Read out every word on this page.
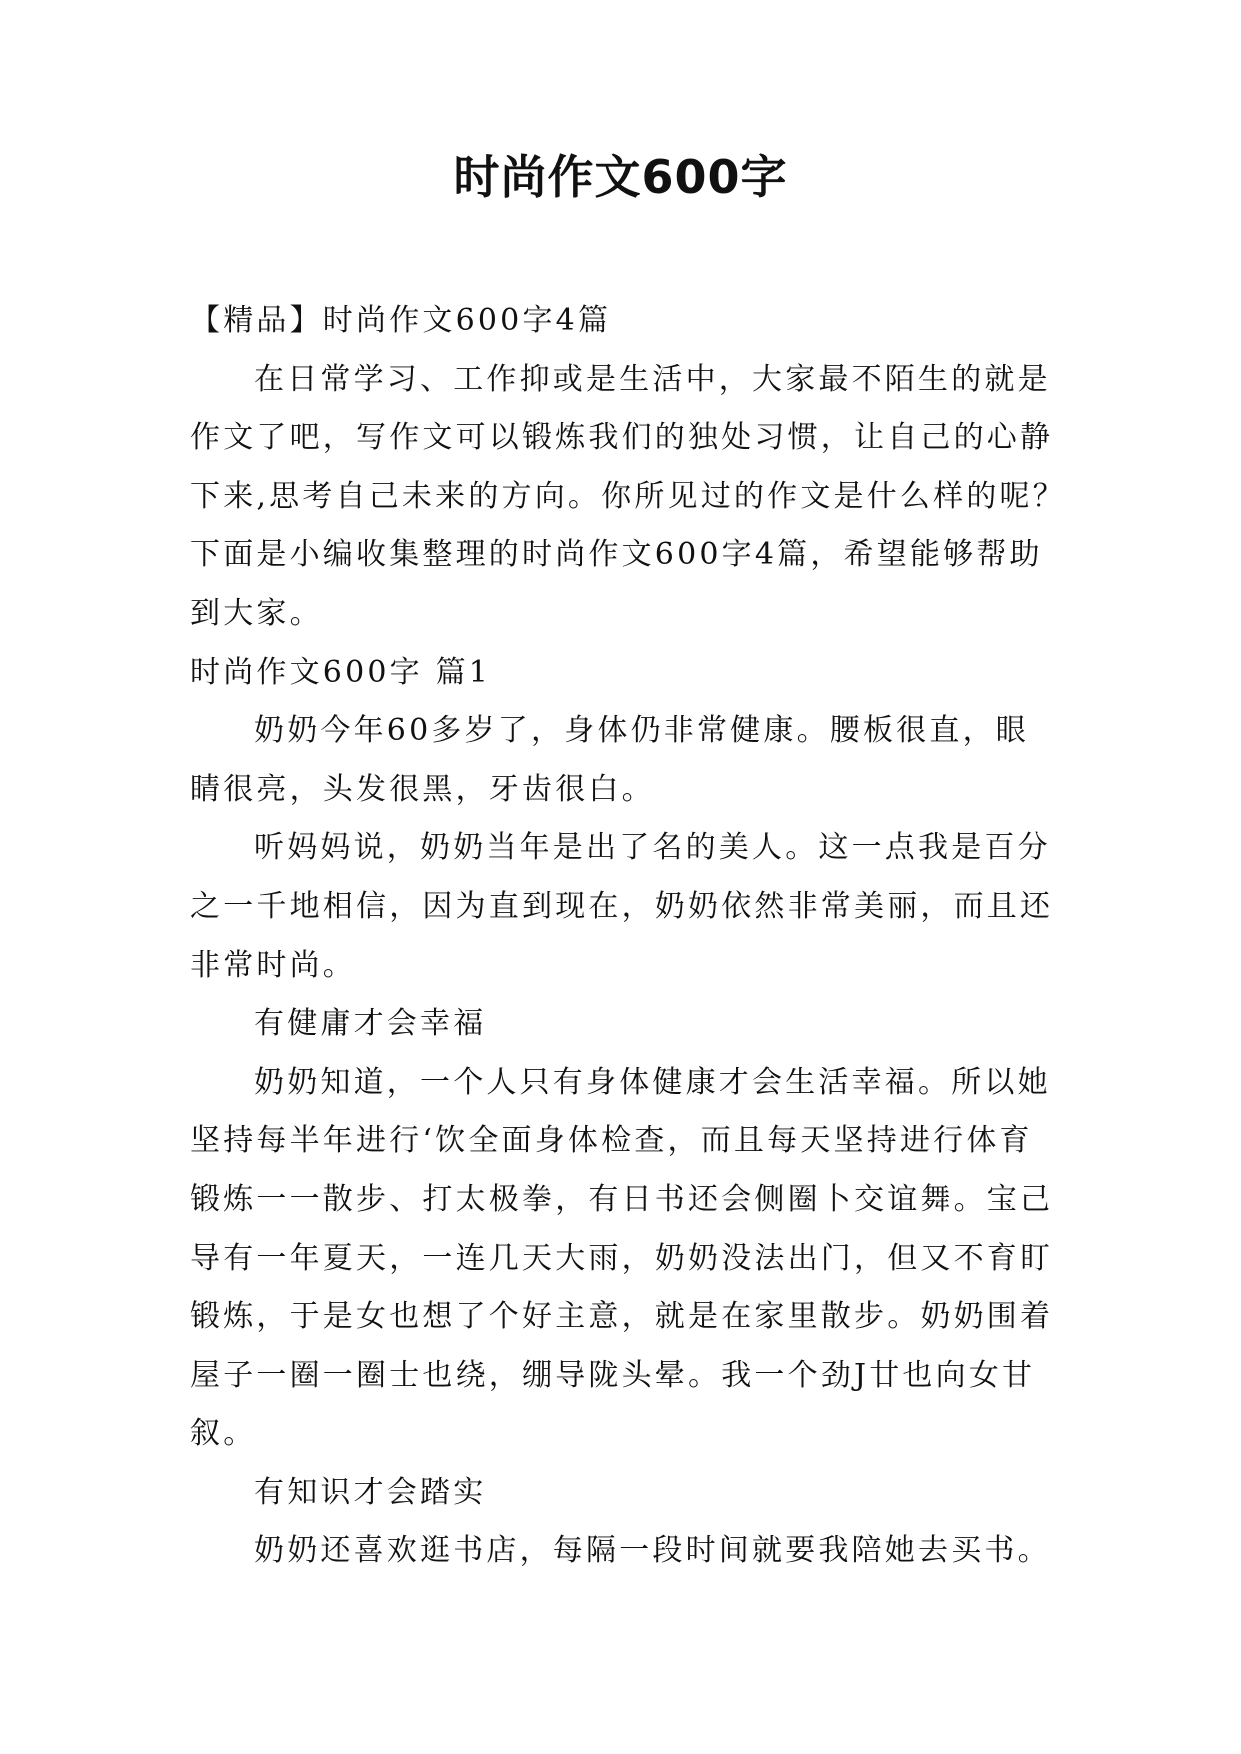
时尚作文600字
【精品】时尚作文600字4篇
在日常学习、工作抑或是生活中，大家最不陌生的就是
作文了吧，写作文可以锻炼我们的独处习惯，让自己的心静
下来,思考自己未来的方向。你所见过的作文是什么样的呢？
下面是小编收集整理的时尚作文600字4篇，希望能够帮助
到大家。
时尚作文600字 篇1
奶奶今年60多岁了，身体仍非常健康。腰板很直，眼
睛很亮，头发很黑，牙齿很白。
听妈妈说，奶奶当年是出了名的美人。这一点我是百分
之一千地相信，因为直到现在，奶奶依然非常美丽，而且还
非常时尚。
有健庸才会幸福
奶奶知道，一个人只有身体健康才会生活幸福。所以她
坚持每半年进行‘饮全面身体检查，而且每天坚持进行体育
锻炼一一散步、打太极拳，有日书还会侧圈卜交谊舞。宝己
导有一年夏天，一连几天大雨，奶奶没法出门，但又不育盯
锻炼，于是女也想了个好主意，就是在家里散步。奶奶围着
屋子一圈一圈士也绕，绷导陇头晕。我一个劲J廿也向女甘
叙。
有知识才会踏实
奶奶还喜欢逛书店，每隔一段时间就要我陪她去买书。
